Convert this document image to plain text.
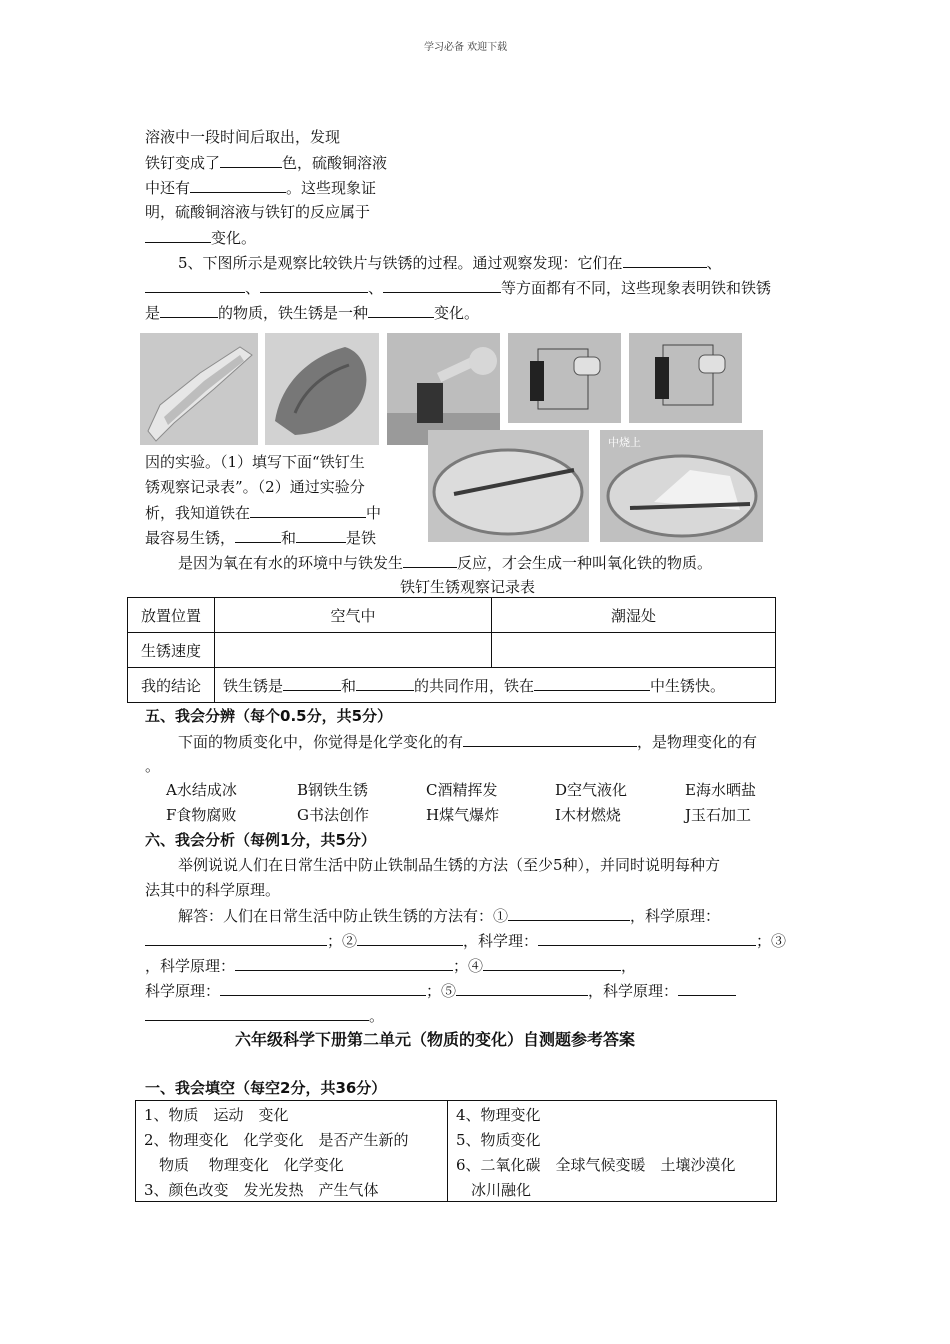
学习必备 欢迎下载
溶液中一段时间后取出，发现
铁钉变成了	色，硫酸铜溶液
中还有	。这些现象证
明，硫酸铜溶液与铁钉的反应属于
变化。
5、下图所示是观察比较铁片与铁锈的过程。通过观察发现：它们在	、
、	、	等方面都有不同，这些现象表明铁和铁锈
是	的物质，铁生锈是一种	变化。
中烧上
因的实验。（1）填写下面“铁钉生
锈观察记录表”。（2）通过实验分
析，我知道铁在	中
最容易生锈，	和	是铁
是因为氧在有水的环境中与铁发生	反应，才会生成一种叫氧化铁的物质。
铁钉生锈观察记录表
放置位置	空气中	潮湿处
生锈速度		
我的结论	铁生锈是 和 的共同作用，铁在 中生锈快。	
五、我会分辨（每个0.5分，共5分）
下面的物质变化中，你觉得是化学变化的有	，是物理变化的有
。
A水结成冰	B钢铁生锈	C酒精挥发	D空气液化	E海水晒盐
F食物腐败	G书法创作	H煤气爆炸	I木材燃烧	J玉石加工
六、我会分析（每例1分，共5分）
举例说说人们在日常生活中防止铁制品生锈的方法（至少5种），并同时说明每种方
法其中的科学原理。
解答：人们在日常生活中防止铁生锈的方法有：①	，科学原理：
；②	，科学理：	；③
，科学原理：	；④	，
科学原理：	；⑤	，科学原理：
。
六年级科学下册第二单元（物质的变化）自测题参考答案
一、我会填空（每空2分，共36分）
1、物质　运动　变化
2、物理变化　化学变化　是否产生新的
　物质　 物理变化　化学变化
3、颜色改变　发光发热　产生气体
4、物理变化
5、物质变化
6、二氧化碳　全球气候变暖　土壤沙漠化
　冰川融化
